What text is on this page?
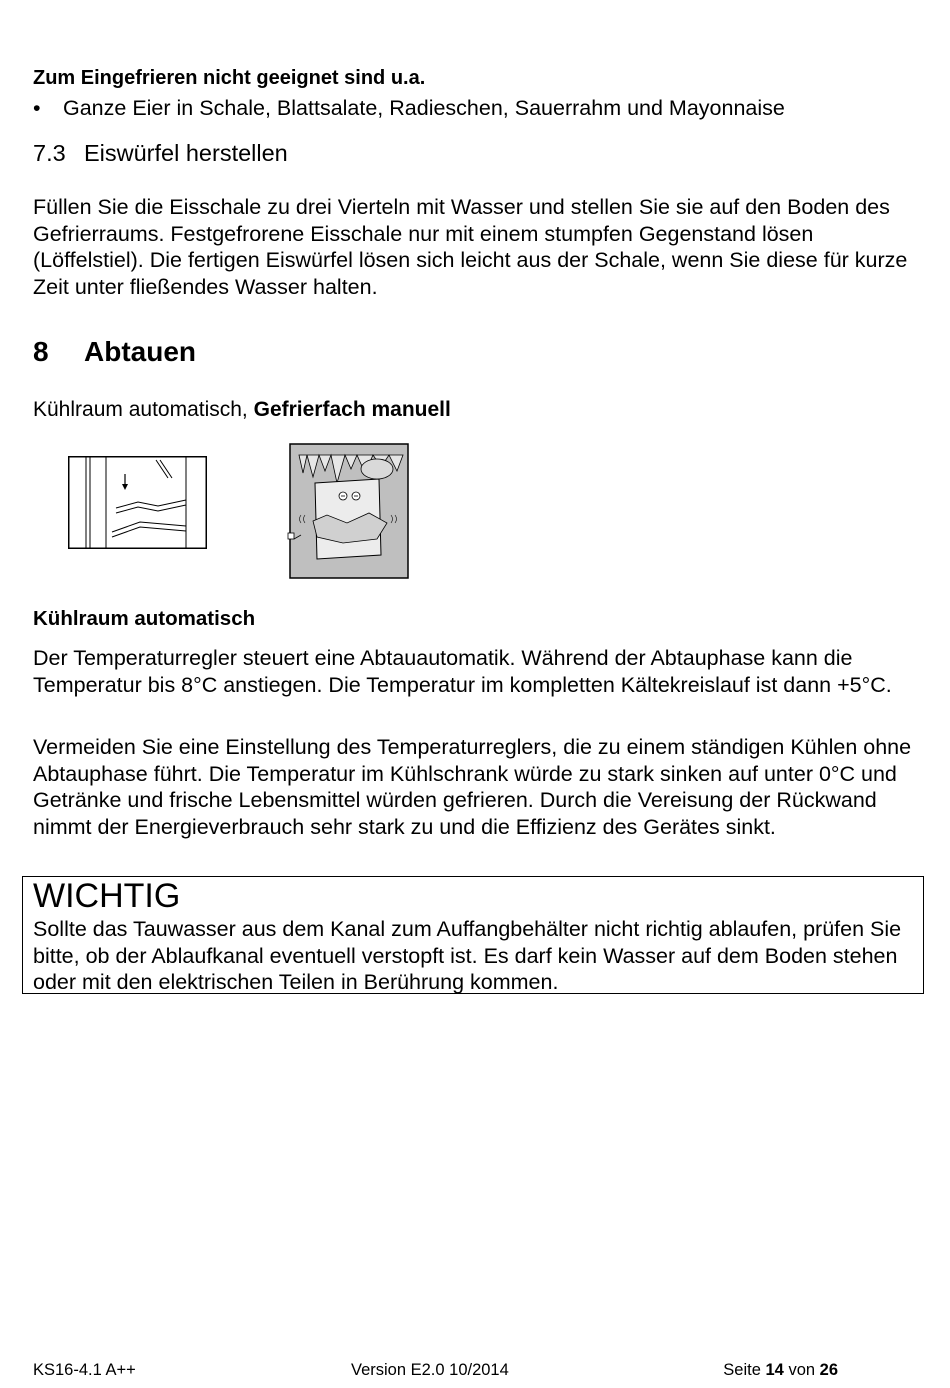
Zum Eingefrieren nicht geeignet sind u.a.
• Ganze Eier in Schale, Blattsalate, Radieschen, Sauerrahm und Mayonnaise
7.3 Eiswürfel herstellen
Füllen Sie die Eisschale zu drei Vierteln mit Wasser und stellen Sie sie auf den Boden des Gefrierraums. Festgefrorene Eisschale nur mit einem stumpfen Gegenstand lösen (Löffelstiel). Die fertigen Eiswürfel lösen sich leicht aus der Schale, wenn Sie diese für kurze Zeit unter fließendes Wasser halten.
8 Abtauen
Kühlraum automatisch, Gefrierfach manuell
Kühlraum automatisch
Der Temperaturregler steuert eine Abtauautomatik. Während der Abtauphase kann die Temperatur bis 8°C anstiegen. Die Temperatur im kompletten Kältekreislauf ist dann +5°C.
Vermeiden Sie eine Einstellung des Temperaturreglers, die zu einem ständigen Kühlen ohne Abtauphase führt. Die Temperatur im Kühlschrank würde zu stark sinken auf unter 0°C und Getränke und frische Lebensmittel würden gefrieren. Durch die Vereisung der Rückwand nimmt der Energieverbrauch sehr stark zu und die Effizienz des Gerätes sinkt.
WICHTIG
Sollte das Tauwasser aus dem Kanal zum Auffangbehälter nicht richtig ablaufen, prüfen Sie bitte, ob der Ablaufkanal eventuell verstopft ist. Es darf kein Wasser auf dem Boden stehen oder mit den elektrischen Teilen in Berührung kommen.
KS16-4.1 A++	Version E2.0 10/2014	Seite 14 von 26
